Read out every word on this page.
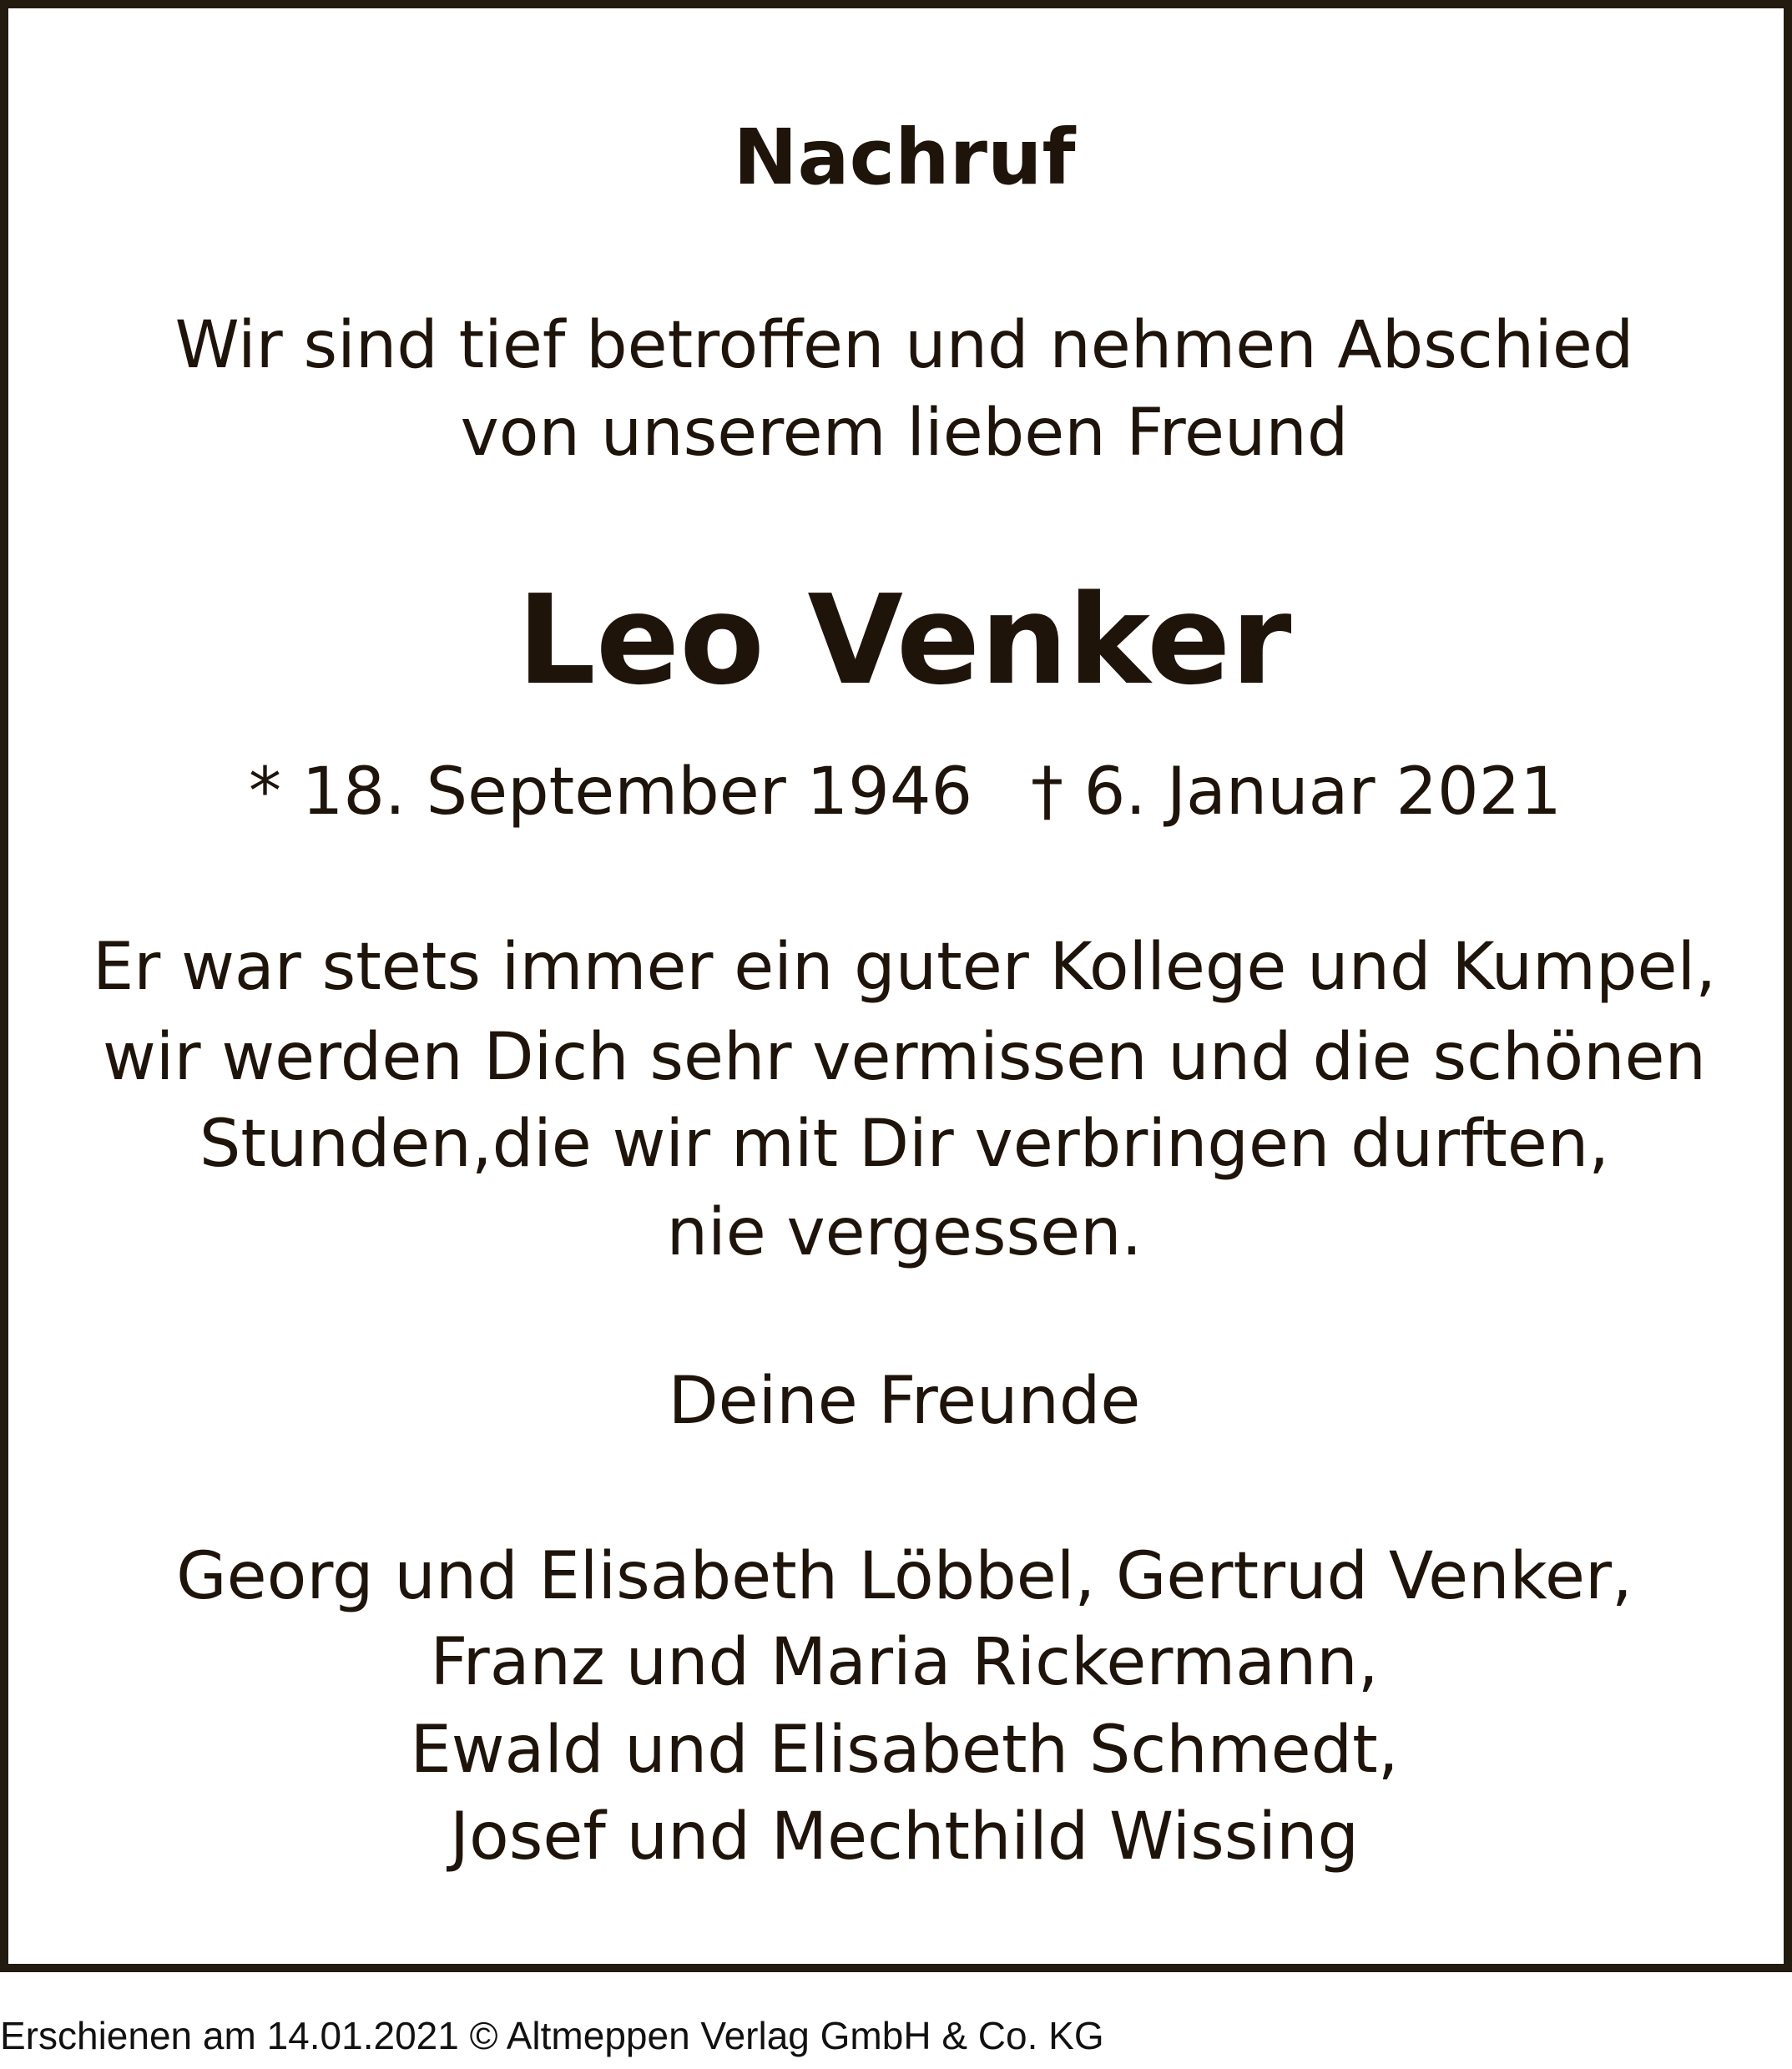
Nachruf
Wir sind tief betroffen und nehmen Abschied
von unserem lieben Freund
Leo Venker
* 18. September 1946 † 6. Januar 2021
Er war stets immer ein guter Kollege und Kumpel,
wir werden Dich sehr vermissen und die schönen
Stunden,die wir mit Dir verbringen durften,
nie vergessen.
Deine Freunde
Georg und Elisabeth Löbbel, Gertrud Venker,
Franz und Maria Rickermann,
Ewald und Elisabeth Schmedt,
Josef und Mechthild Wissing
Erschienen am 14.01.2021 © Altmeppen Verlag GmbH & Co. KG
